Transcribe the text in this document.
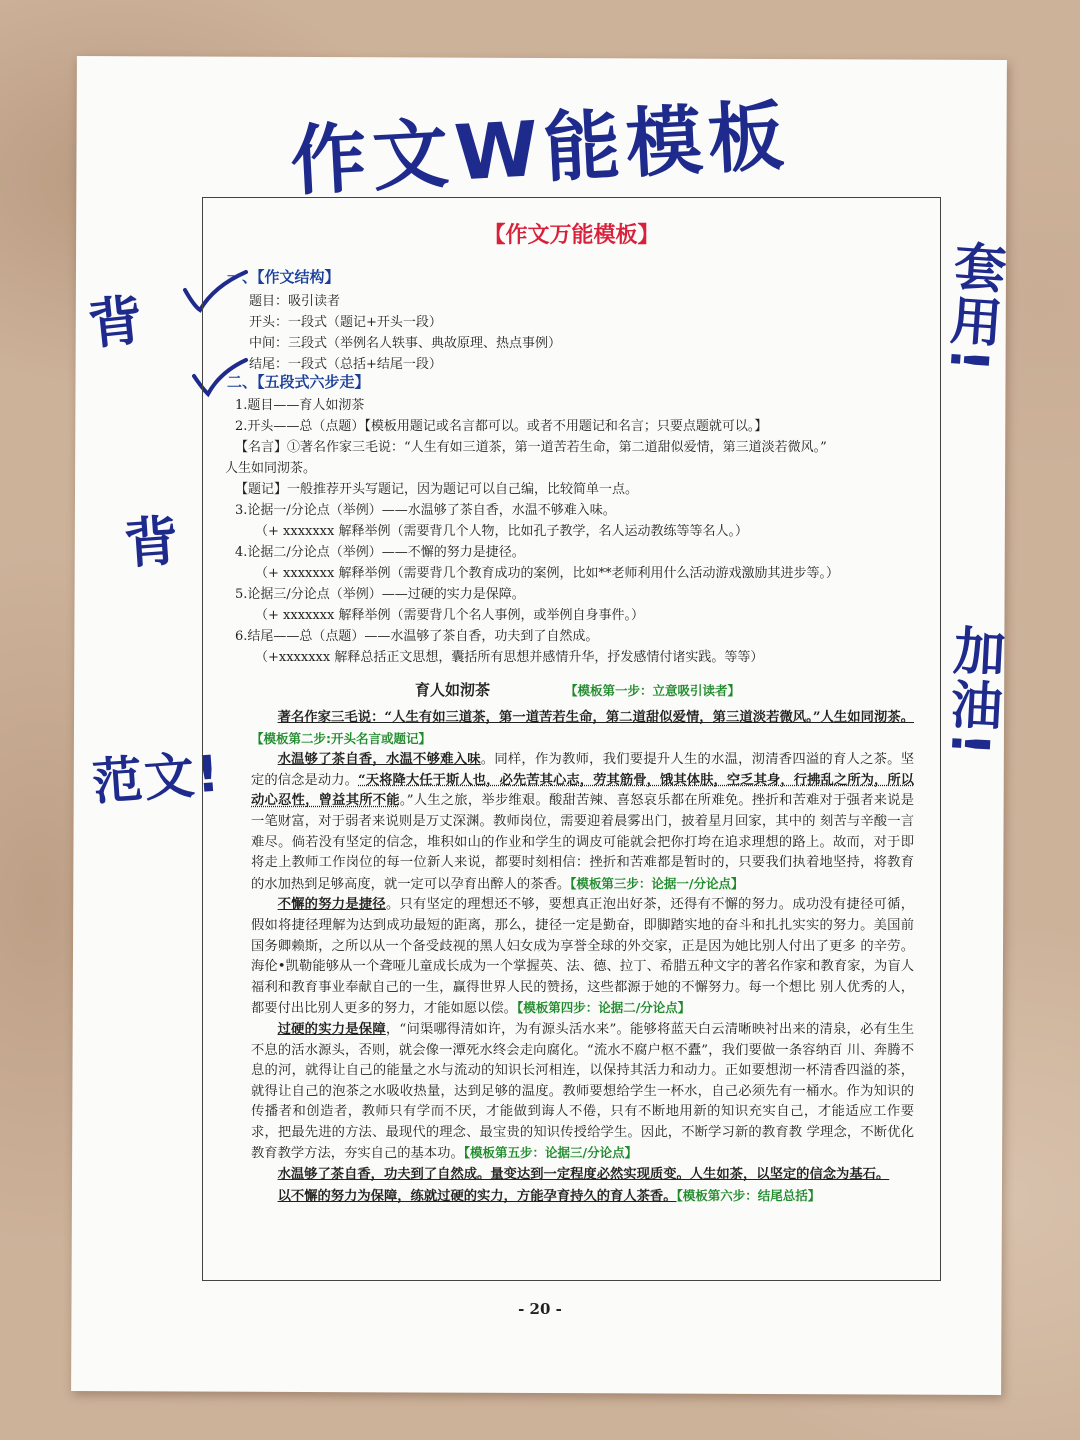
作文W能模板
背
背
范文!
套用!
加油!
【作文万能模板】
一、【作文结构】
题目：吸引读者
开头：一段式（题记+开头一段）
中间：三段式（举例名人轶事、典故原理、热点事例）
结尾：一段式（总括+结尾一段）
二、【五段式六步走】
1.题目——育人如沏茶
2.开头——总（点题）【模板用题记或名言都可以。或者不用题记和名言；只要点题就可以。】
【名言】①著名作家三毛说：“人生有如三道茶，第一道苦若生命，第二道甜似爱情，第三道淡若微风。”
人生如同沏茶。
【题记】一般推荐开头写题记，因为题记可以自己编，比较简单一点。
3.论据一/分论点（举例）——水温够了茶自香，水温不够难入味。
（+ xxxxxxx 解释举例（需要背几个人物，比如孔子教学，名人运动教练等等名人。）
4.论据二/分论点（举例）——不懈的努力是捷径。
（+ xxxxxxx 解释举例（需要背几个教育成功的案例，比如**老师利用什么活动游戏激励其进步等。）
5.论据三/分论点（举例）——过硬的实力是保障。
（+ xxxxxxx 解释举例（需要背几个名人事例，或举例自身事件。）
6.结尾——总（点题）——水温够了茶自香，功夫到了自然成。
（+xxxxxxx 解释总括正文思想，囊括所有思想并感情升华，抒发感情付诸实践。等等）
育人如沏茶	【模板第一步：立意吸引读者】

著名作家三毛说：“人生有如三道茶，第一道苦若生命，第二道甜似爱情，第三道淡若微风。”人生如同沏茶。【模板第二步:开头名言或题记】

水温够了茶自香，水温不够难入味。同样，作为教师，我们要提升人生的水温，沏清香四溢的育人之茶。坚定的信念是动力。“天将降大任于斯人也，必先苦其心志，劳其筋骨，饿其体肤，空乏其身，行拂乱之所为，所以动心忍性，曾益其所不能。”人生之旅，举步维艰。酸甜苦辣、喜怒哀乐都在所难免。挫折和苦难对于强者来说是一笔财富，对于弱者来说则是万丈深渊。教师岗位，需要迎着晨雾出门，披着星月回家，其中的 刻苦与辛酸一言难尽。倘若没有坚定的信念，堆积如山的作业和学生的调皮可能就会把你打垮在追求理想的路上。故而，对于即将走上教师工作岗位的每一位新人来说，都要时刻相信：挫折和苦难都是暂时的，只要我们执着地坚持，将教育的水加热到足够高度，就一定可以孕育出醉人的茶香。【模板第三步：论据一/分论点】

不懈的努力是捷径。只有坚定的理想还不够，要想真正泡出好茶，还得有不懈的努力。成功没有捷径可循，假如将捷径理解为达到成功最短的距离，那么，捷径一定是勤奋，即脚踏实地的奋斗和扎扎实实的努力。美国前国务卿赖斯，之所以从一个备受歧视的黑人妇女成为享誉全球的外交家，正是因为她比别人付出了更多 的辛劳。海伦•凯勒能够从一个聋哑儿童成长成为一个掌握英、法、德、拉丁、希腊五种文字的著名作家和教育家，为盲人福利和教育事业奉献自己的一生，赢得世界人民的赞扬，这些都源于她的不懈努力。每一个想比 别人优秀的人，都要付出比别人更多的努力，才能如愿以偿。【模板第四步：论据二/分论点】

过硬的实力是保障，“问渠哪得清如许，为有源头活水来”。能够将蓝天白云清晰映衬出来的清泉，必有生生不息的活水源头，否则，就会像一潭死水终会走向腐化。“流水不腐户枢不蠹”，我们要做一条容纳百 川、奔腾不息的河，就得让自己的能量之水与流动的知识长河相连，以保持其活力和动力。正如要想沏一杯清香四溢的茶，就得让自己的泡茶之水吸收热量，达到足够的温度。教师要想给学生一杯水，自己必须先有一桶水。作为知识的传播者和创造者，教师只有学而不厌，才能做到诲人不倦，只有不断地用新的知识充实自己，才能适应工作要求，把最先进的方法、最现代的理念、最宝贵的知识传授给学生。因此，不断学习新的教育教 学理念，不断优化教育教学方法，夯实自己的基本功。【模板第五步：论据三/分论点】

水温够了茶自香，功夫到了自然成。量变达到一定程度必然实现质变。人生如茶，以坚定的信念为基石。

以不懈的努力为保障，练就过硬的实力，方能孕育持久的育人茶香。【模板第六步：结尾总括】

- 20 -
